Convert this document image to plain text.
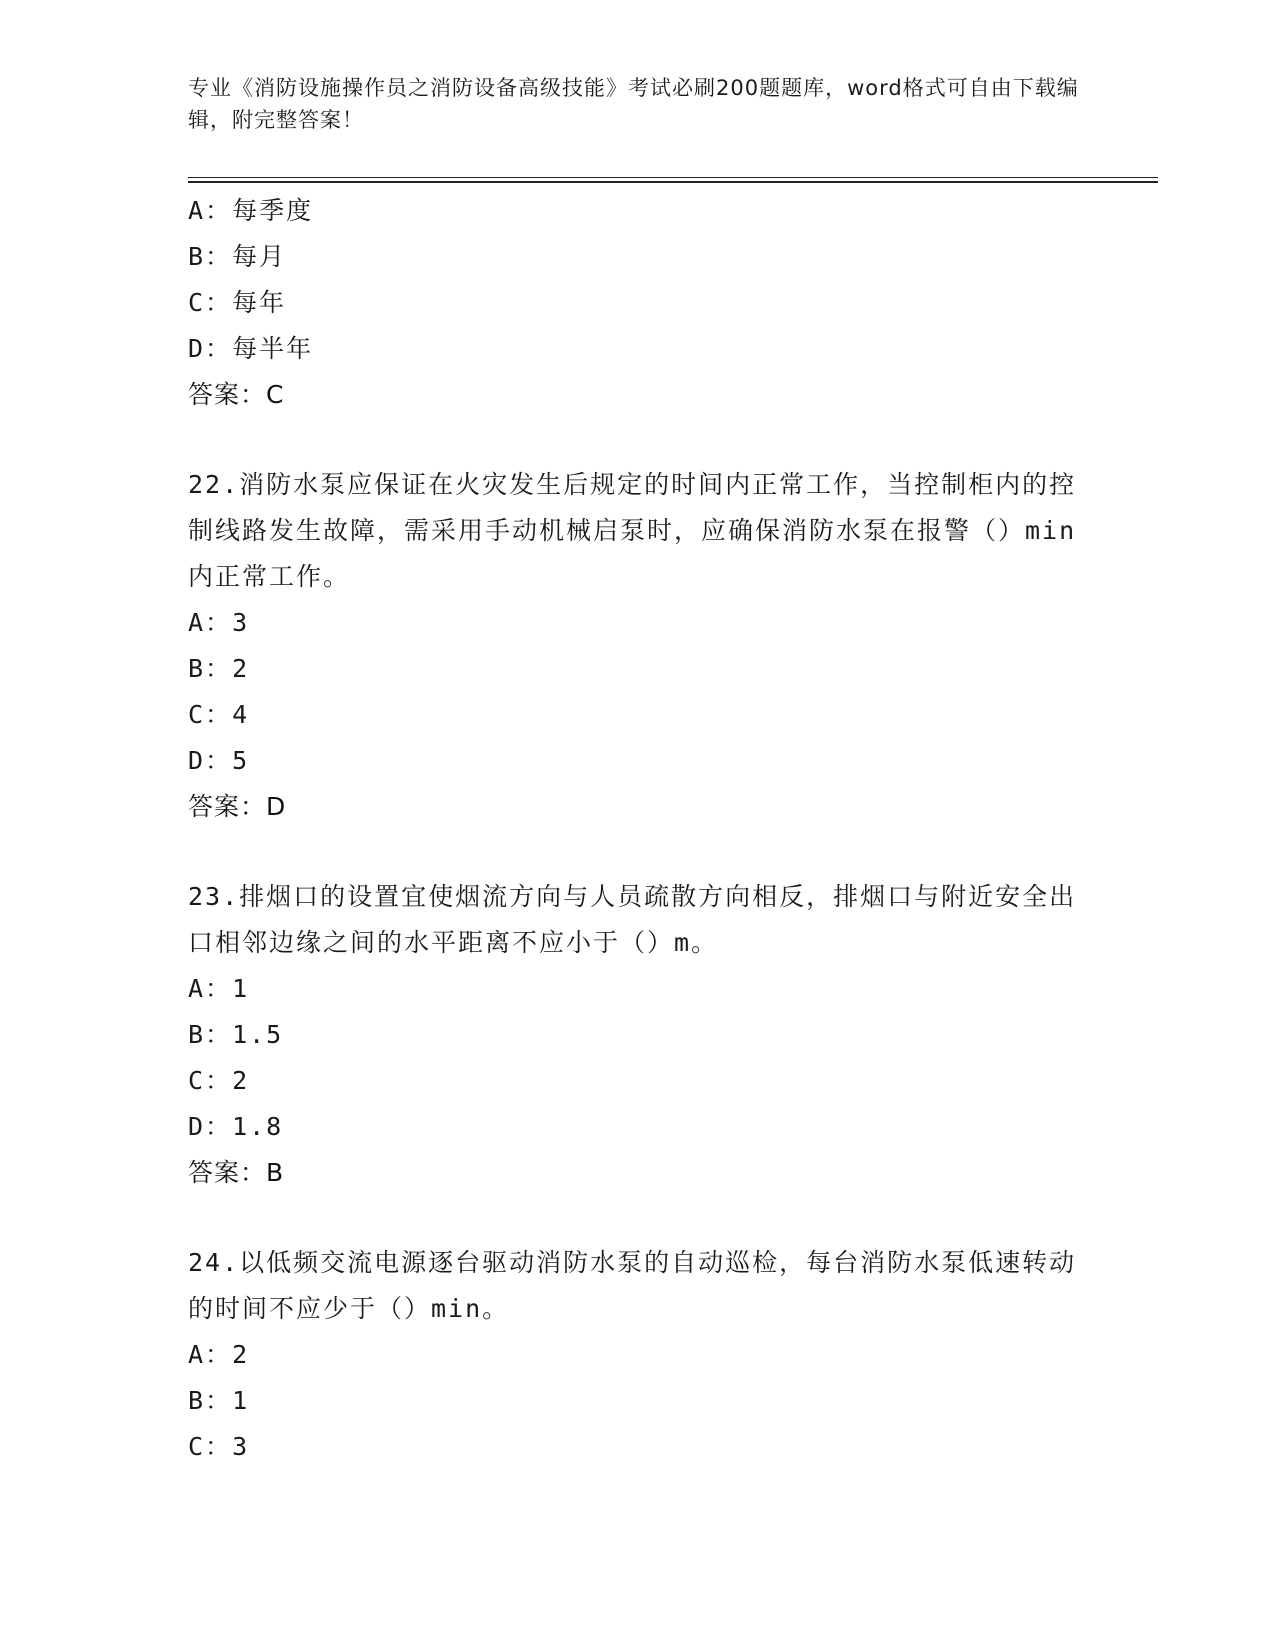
专业《消防设施操作员之消防设备高级技能》考试必刷200题题库，word格式可自由下载编辑，附完整答案！
A：每季度
B：每月
C：每年
D：每半年
答案：C
22.消防水泵应保证在火灾发生后规定的时间内正常工作，当控制柜内的控制线路发生故障，需采用手动机械启泵时，应确保消防水泵在报警（）min内正常工作。
A：3
B：2
C：4
D：5
答案：D
23.排烟口的设置宜使烟流方向与人员疏散方向相反，排烟口与附近安全出口相邻边缘之间的水平距离不应小于（）m。
A：1
B：1.5
C：2
D：1.8
答案：B
24.以低频交流电源逐台驱动消防水泵的自动巡检，每台消防水泵低速转动的时间不应少于（）min。
A：2
B：1
C：3
